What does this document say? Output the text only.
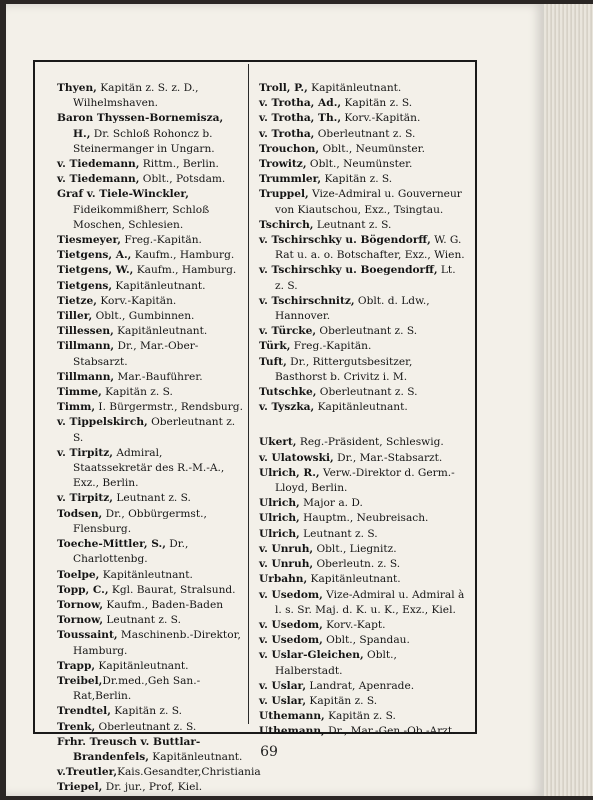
Thyen, Kapitän z. S. z. D., Wilhelmshaven.

Baron Thyssen-Bornemisza, H., Dr. Schloß Rohoncz b. Steinermanger in Ungarn.

v. Tiedemann, Rittm., Berlin.

v. Tiedemann, Oblt., Potsdam.

Graf v. Tiele-Winckler, Fideikommißherr, Schloß Moschen, Schlesien.

Tiesmeyer, Freg.-Kapitän.

Tietgens, A., Kaufm., Hamburg.

Tietgens, W., Kaufm., Hamburg.

Tietgens, Kapitänleutnant.

Tietze, Korv.-Kapitän.

Tiller, Oblt., Gumbinnen.

Tillessen, Kapitänleutnant.

Tillmann, Dr., Mar.-Ober-Stabsarzt.

Tillmann, Mar.-Bauführer.

Timme, Kapitän z. S.

Timm, I. Bürgermstr., Rendsburg.

v. Tippelskirch, Oberleutnant z. S.

v. Tirpitz, Admiral, Staatssekretär des R.-M.-A., Exz., Berlin.

v. Tirpitz, Leutnant z. S.

Todsen, Dr., Obbürgermst., Flensburg.

Toeche-Mittler, S., Dr., Charlottenbg.

Toelpe, Kapitänleutnant.

Topp, C., Kgl. Baurat, Stralsund.

Tornow, Kaufm., Baden-Baden

Tornow, Leutnant z. S.

Toussaint, Maschinenb.-Direktor, Hamburg.

Trapp, Kapitänleutnant.

Treibel,Dr.med.,Geh San.-Rat,Berlin.

Trendtel, Kapitän z. S.

Trenk, Oberleutnant z. S.

Frhr. Treusch v. Buttlar-Brandenfels, Kapitänleutnant.

v.Treutler,Kais.Gesandter,Christiania

Triepel, Dr. jur., Prof, Kiel.

Troll, P., Kapitänleutnant.

v. Trotha, Ad., Kapitän z. S.

v. Trotha, Th., Korv.-Kapitän.

v. Trotha, Oberleutnant z. S.

Trouchon, Oblt., Neumünster.

Trowitz, Oblt., Neumünster.

Trummler, Kapitän z. S.

Truppel, Vize-Admiral u. Gouverneur von Kiautschou, Exz., Tsingtau.

Tschirch, Leutnant z. S.

v. Tschirschky u. Bögendorff, W. G. Rat u. a. o. Botschafter, Exz., Wien.

v. Tschirschky u. Boegendorff, Lt. z. S.

v. Tschirschnitz, Oblt. d. Ldw., Hannover.

v. Türcke, Oberleutnant z. S.

Türk, Freg.-Kapitän.

Tuft, Dr., Rittergutsbesitzer, Basthorst b. Crivitz i. M.

Tutschke, Oberleutnant z. S.

v. Tyszka, Kapitänleutnant.

Ukert, Reg.-Präsident, Schleswig.

v. Ulatowski, Dr., Mar.-Stabsarzt.

Ulrich, R., Verw.-Direktor d. Germ.-Lloyd, Berlin.

Ulrich, Major a. D.

Ulrich, Hauptm., Neubreisach.

Ulrich, Leutnant z. S.

v. Unruh, Oblt., Liegnitz.

v. Unruh, Oberleutn. z. S.

Urbahn, Kapitänleutnant.

v. Usedom, Vize-Admiral u. Admiral à l. s. Sr. Maj. d. K. u. K., Exz., Kiel.

v. Usedom, Korv.-Kapt.

v. Usedom, Oblt., Spandau.

v. Uslar-Gleichen, Oblt., Halberstadt.

v. Uslar, Landrat, Apenrade.

v. Uslar, Kapitän z. S.

Uthemann, Kapitän z. S.

Uthemann, Dr., Mar.-Gen.-Ob.-Arzt.

69
